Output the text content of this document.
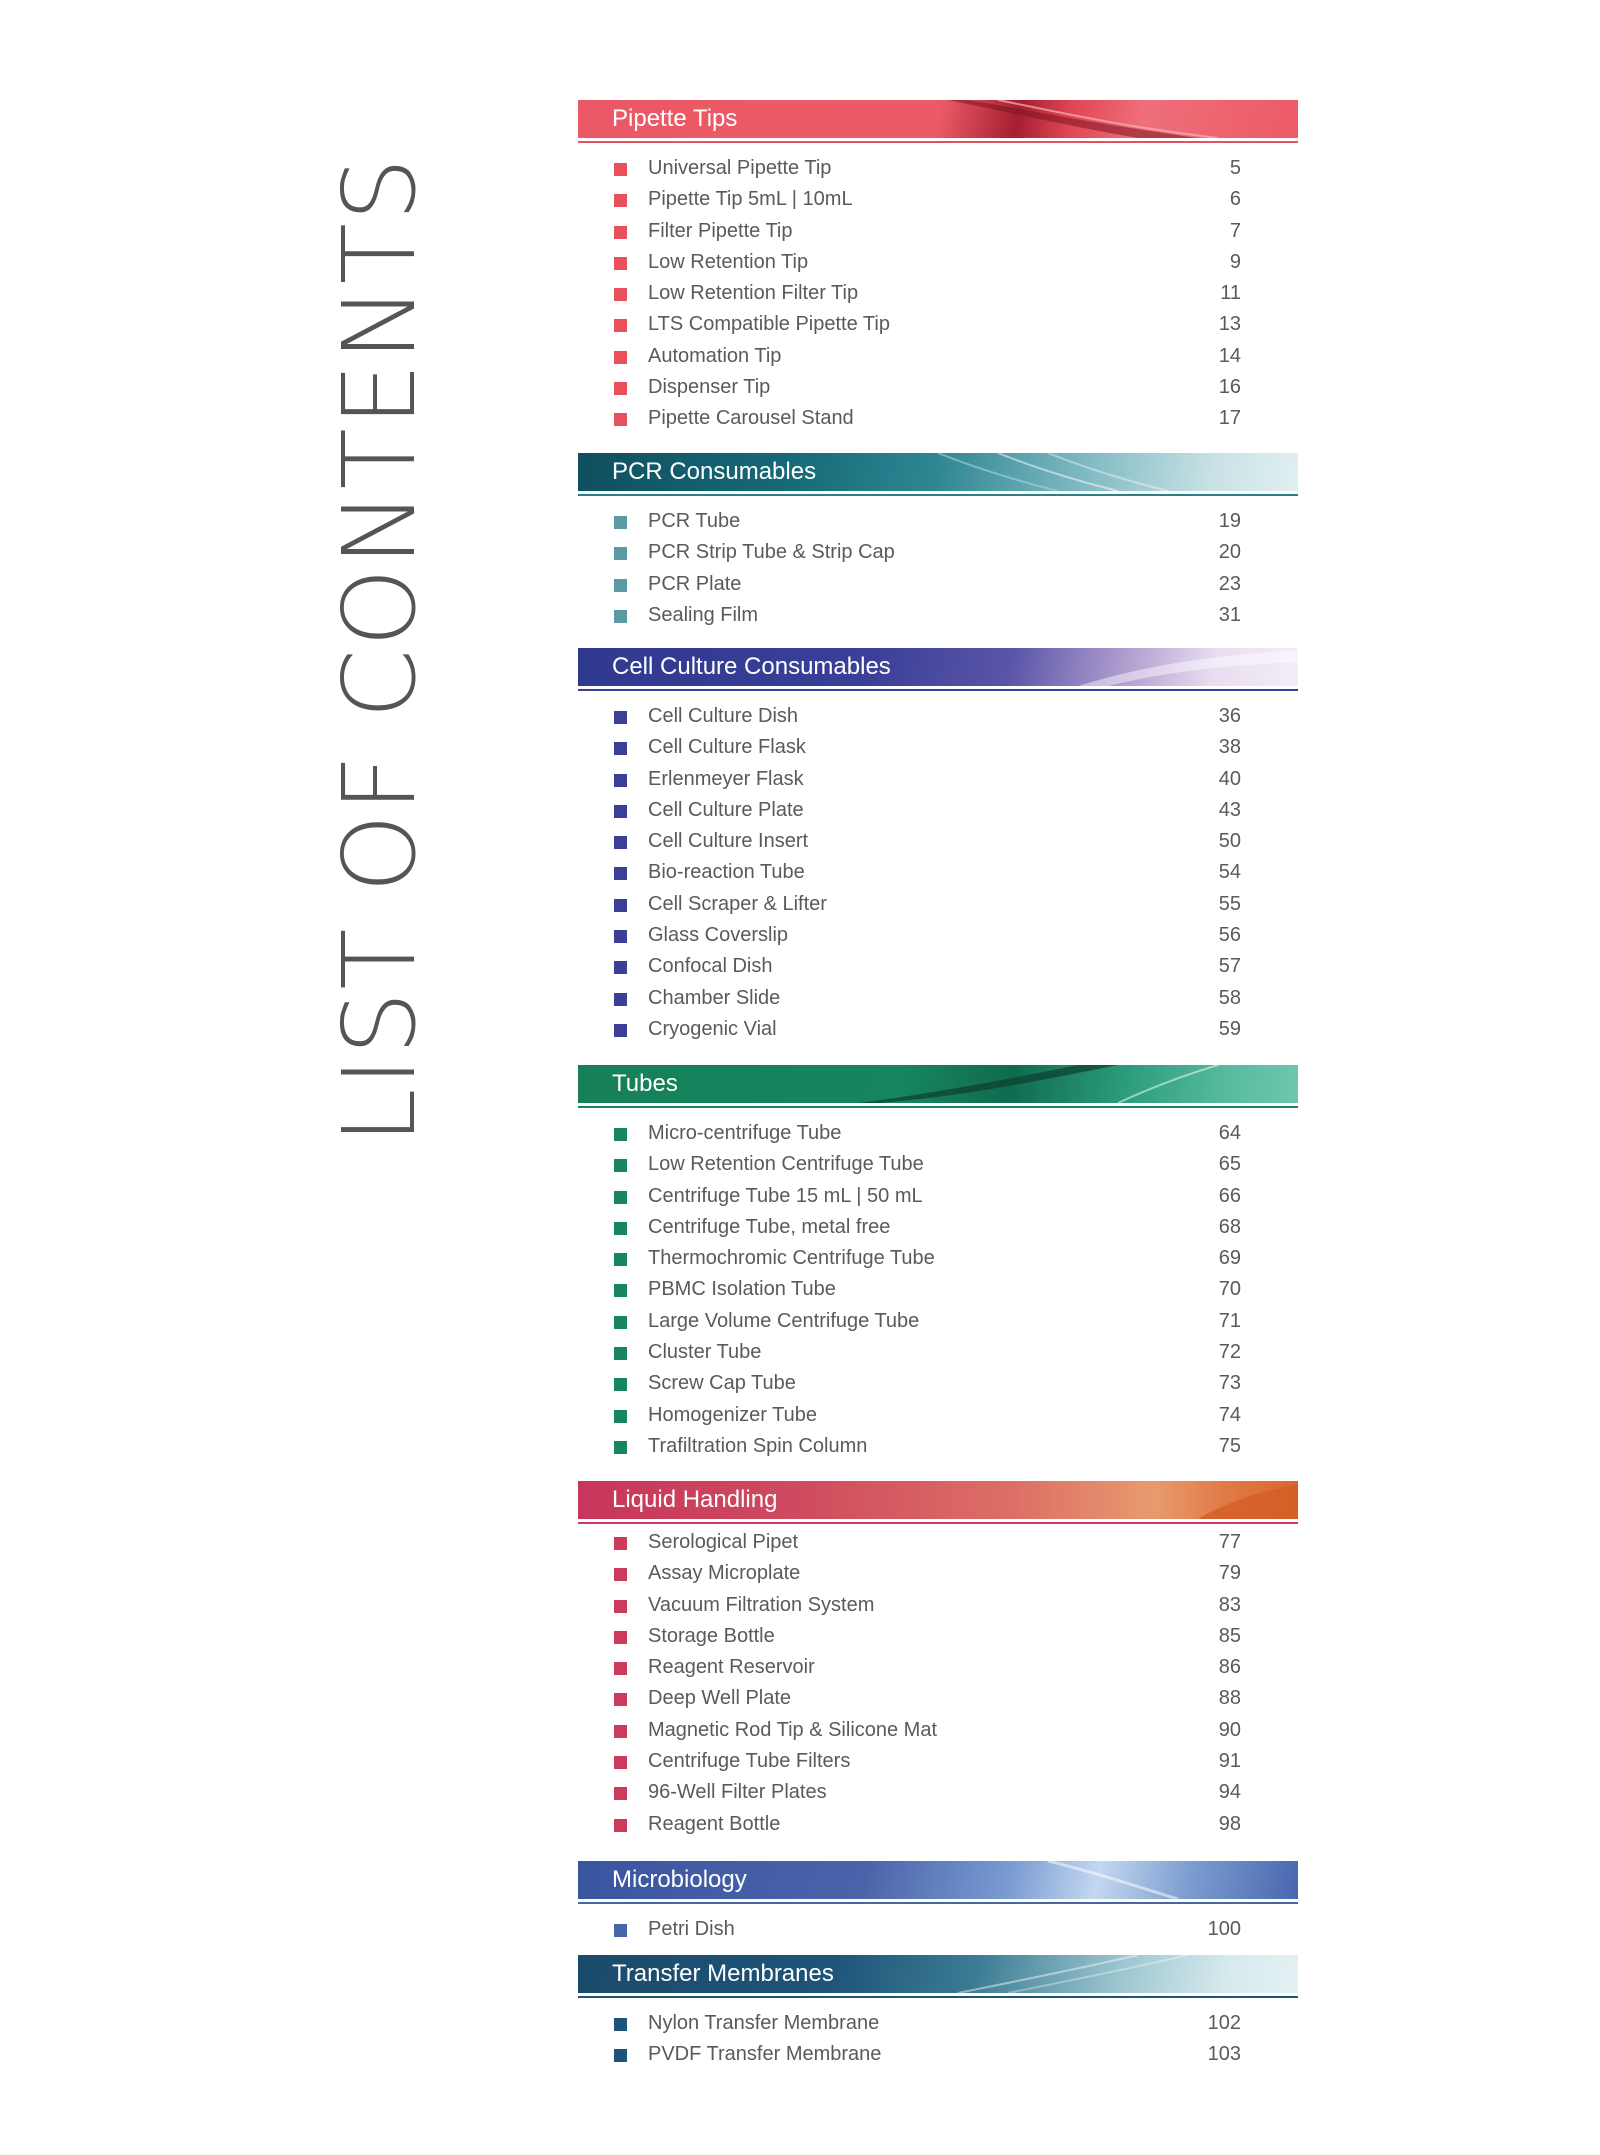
LIST OF CONTENTS
Pipette Tips
Universal Pipette Tip	5
Pipette Tip 5mL | 10mL	6
Filter Pipette Tip	7
Low Retention Tip	9
Low Retention Filter Tip	11
LTS Compatible Pipette Tip	13
Automation Tip	14
Dispenser Tip	16
Pipette Carousel Stand	17
PCR Consumables
PCR Tube	19
PCR Strip Tube & Strip Cap	20
PCR Plate	23
Sealing Film	31
Cell Culture Consumables
Cell Culture Dish	36
Cell Culture Flask	38
Erlenmeyer Flask	40
Cell Culture Plate	43
Cell Culture Insert	50
Bio-reaction Tube	54
Cell Scraper & Lifter	55
Glass Coverslip	56
Confocal Dish	57
Chamber Slide	58
Cryogenic Vial	59
Tubes
Micro-centrifuge Tube	64
Low Retention Centrifuge Tube	65
Centrifuge Tube 15 mL | 50 mL	66
Centrifuge Tube, metal free	68
Thermochromic Centrifuge Tube	69
PBMC Isolation Tube	70
Large Volume Centrifuge Tube	71
Cluster Tube	72
Screw Cap Tube	73
Homogenizer Tube	74
Trafiltration Spin Column	75
Liquid Handling
Serological Pipet	77
Assay Microplate	79
Vacuum Filtration System	83
Storage Bottle	85
Reagent Reservoir	86
Deep Well Plate	88
Magnetic Rod Tip & Silicone Mat	90
Centrifuge Tube Filters	91
96-Well Filter Plates	94
Reagent Bottle	98
Microbiology
Petri Dish	100
Transfer Membranes
Nylon Transfer Membrane	102
PVDF Transfer Membrane	103
